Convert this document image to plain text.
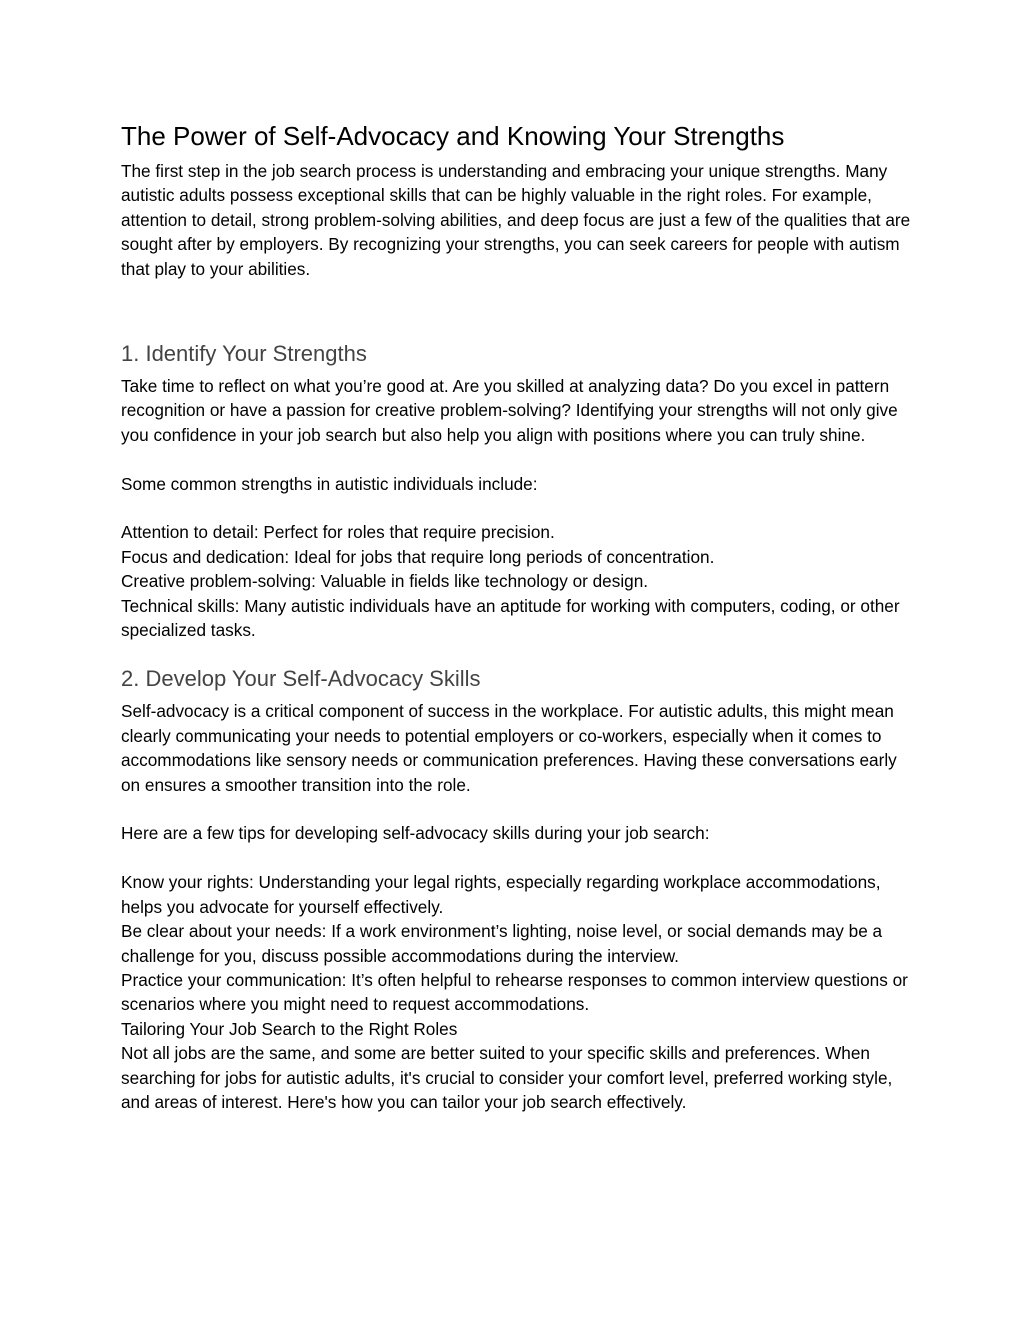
The Power of Self-Advocacy and Knowing Your Strengths

The first step in the job search process is understanding and embracing your unique strengths. Many autistic adults possess exceptional skills that can be highly valuable in the right roles. For example, attention to detail, strong problem-solving abilities, and deep focus are just a few of the qualities that are sought after by employers. By recognizing your strengths, you can seek careers for people with autism that play to your abilities.

1. Identify Your Strengths

Take time to reflect on what you’re good at. Are you skilled at analyzing data? Do you excel in pattern recognition or have a passion for creative problem-solving? Identifying your strengths will not only give you confidence in your job search but also help you align with positions where you can truly shine.

Some common strengths in autistic individuals include:

Attention to detail: Perfect for roles that require precision.
Focus and dedication: Ideal for jobs that require long periods of concentration.
Creative problem-solving: Valuable in fields like technology or design.
Technical skills: Many autistic individuals have an aptitude for working with computers, coding, or other specialized tasks.

2. Develop Your Self-Advocacy Skills

Self-advocacy is a critical component of success in the workplace. For autistic adults, this might mean clearly communicating your needs to potential employers or co-workers, especially when it comes to accommodations like sensory needs or communication preferences. Having these conversations early on ensures a smoother transition into the role.

Here are a few tips for developing self-advocacy skills during your job search:

Know your rights: Understanding your legal rights, especially regarding workplace accommodations, helps you advocate for yourself effectively.
Be clear about your needs: If a work environment’s lighting, noise level, or social demands may be a challenge for you, discuss possible accommodations during the interview.
Practice your communication: It’s often helpful to rehearse responses to common interview questions or scenarios where you might need to request accommodations.
Tailoring Your Job Search to the Right Roles
Not all jobs are the same, and some are better suited to your specific skills and preferences. When searching for jobs for autistic adults, it's crucial to consider your comfort level, preferred working style, and areas of interest. Here's how you can tailor your job search effectively.
